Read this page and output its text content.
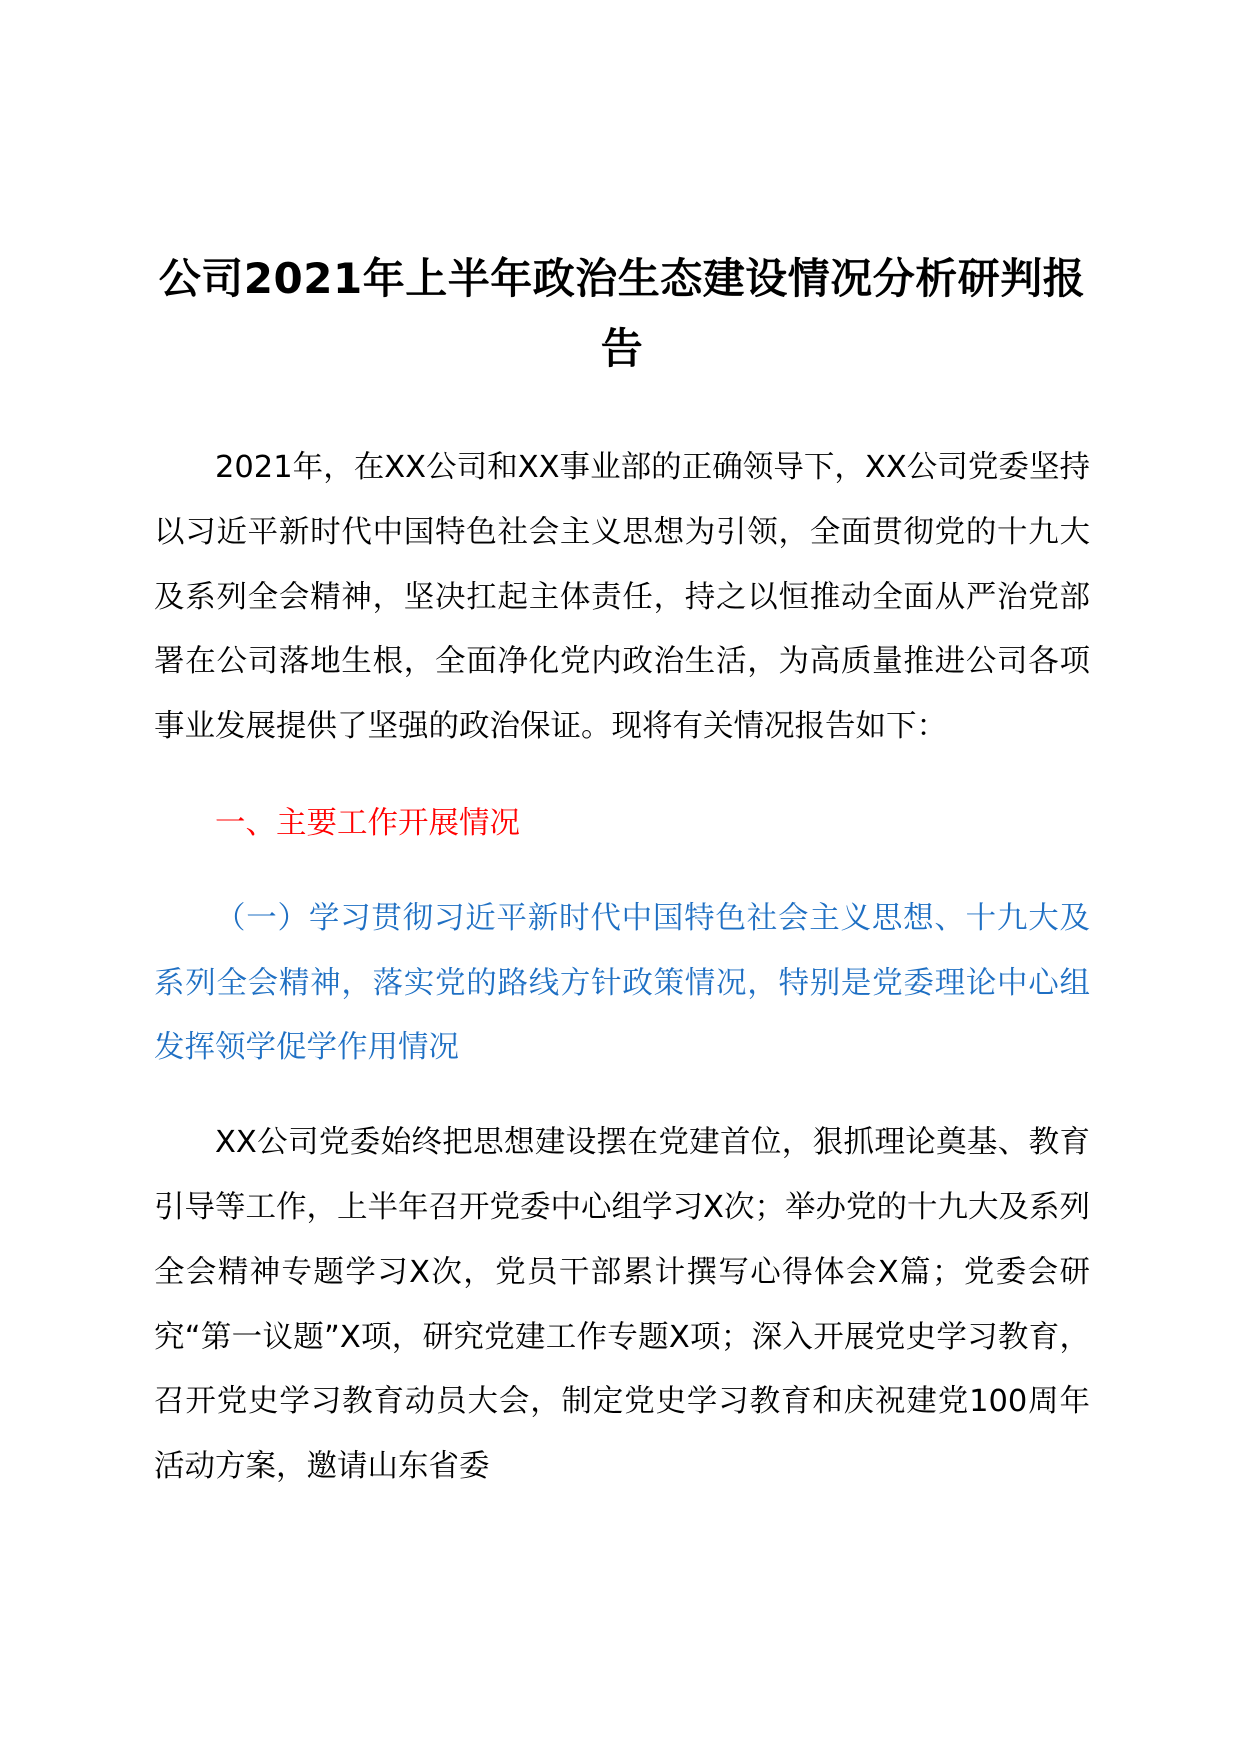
公司2021年上半年政治生态建设情况分析研判报告

2021年，在XX公司和XX事业部的正确领导下，XX公司党委坚持以习近平新时代中国特色社会主义思想为引领，全面贯彻党的十九大及系列全会精神，坚决扛起主体责任，持之以恒推动全面从严治党部署在公司落地生根，全面净化党内政治生活，为高质量推进公司各项事业发展提供了坚强的政治保证。现将有关情况报告如下：

一、主要工作开展情况

（一）学习贯彻习近平新时代中国特色社会主义思想、十九大及系列全会精神，落实党的路线方针政策情况，特别是党委理论中心组发挥领学促学作用情况

XX公司党委始终把思想建设摆在党建首位，狠抓理论奠基、教育引导等工作，上半年召开党委中心组学习X次；举办党的十九大及系列全会精神专题学习X次，党员干部累计撰写心得体会X篇；党委会研究“第一议题”X项，研究党建工作专题X项；深入开展党史学习教育，召开党史学习教育动员大会，制定党史学习教育和庆祝建党100周年活动方案，邀请山东省委
